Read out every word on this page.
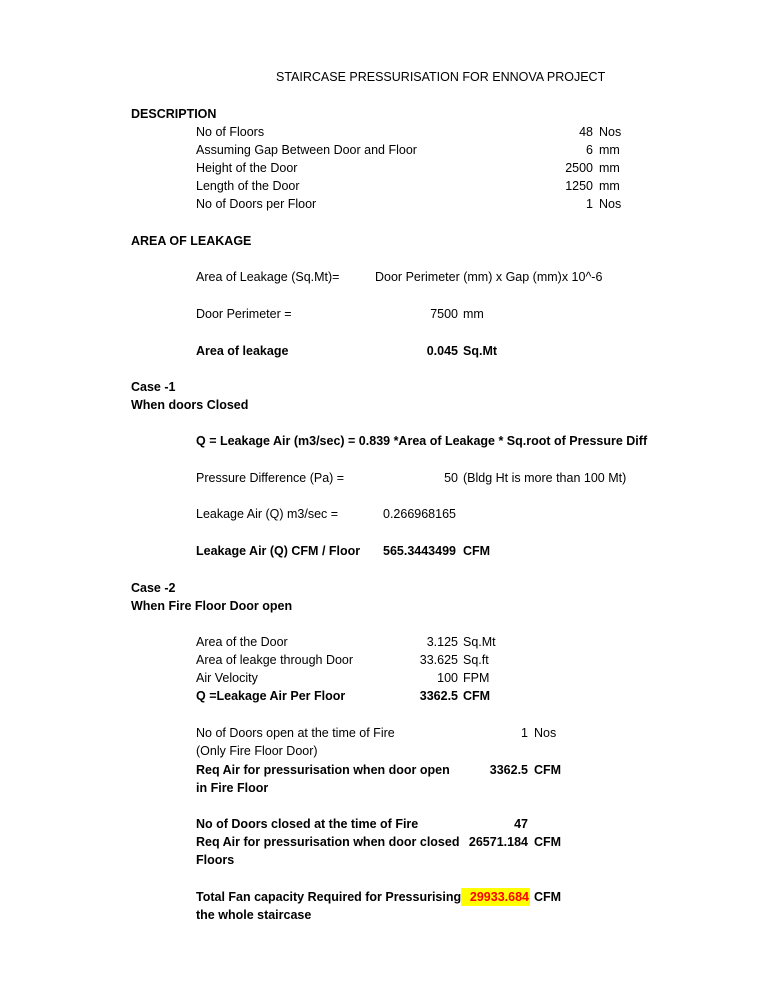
STAIRCASE PRESSURISATION FOR ENNOVA PROJECT
DESCRIPTION
No of Floors	48 Nos
Assuming Gap Between Door and Floor	6 mm
Height of the Door	2500 mm
Length of the Door	1250 mm
No of Doors per Floor	1 Nos
AREA OF LEAKAGE
Area of Leakage (Sq.Mt)=	Door Perimeter (mm) x Gap (mm)x 10^-6
Door Perimeter =	7500 mm
Area of leakage	0.045 Sq.Mt
Case -1
When doors Closed
Q = Leakage Air (m3/sec) = 0.839 *Area of Leakage * Sq.root of Pressure Diff
Pressure Difference (Pa) =	50 (Bldg Ht is more than 100 Mt)
Leakage Air (Q) m3/sec =	0.266968165
Leakage Air (Q) CFM / Floor 565.3443499 CFM
Case -2
When Fire Floor Door open
Area of the Door	3.125 Sq.Mt
Area of leakge through Door	33.625 Sq.ft
Air Velocity	100 FPM
Q =Leakage Air Per Floor	3362.5 CFM
No of Doors open at the time of Fire	1 Nos
(Only Fire Floor Door)
Req Air for pressurisation when door open	3362.5 CFM
in Fire Floor
No of Doors closed at the time of Fire	47
Req Air for pressurisation when door closed 26571.184 CFM
Floors
Total Fan capacity Required for Pressurising
the whole staircase
29933.684 CFM
